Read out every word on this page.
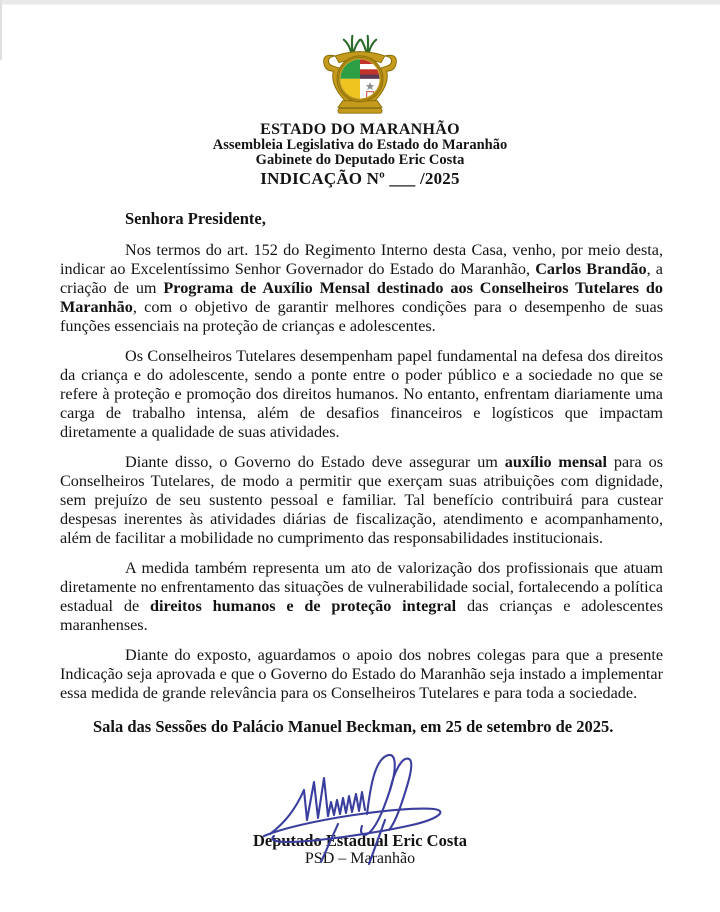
ESTADO DO MARANHÃO
Assembleia Legislativa do Estado do Maranhão
Gabinete do Deputado Eric Costa
INDICAÇÃO Nº ___ /2025
Senhora Presidente,

Nos termos do art. 152 do Regimento Interno desta Casa, venho, por meio desta, indicar ao Excelentíssimo Senhor Governador do Estado do Maranhão, Carlos Brandão, a criação de um Programa de Auxílio Mensal destinado aos Conselheiros Tutelares do Maranhão, com o objetivo de garantir melhores condições para o desempenho de suas funções essenciais na proteção de crianças e adolescentes.

Os Conselheiros Tutelares desempenham papel fundamental na defesa dos direitos da criança e do adolescente, sendo a ponte entre o poder público e a sociedade no que se refere à proteção e promoção dos direitos humanos. No entanto, enfrentam diariamente uma carga de trabalho intensa, além de desafios financeiros e logísticos que impactam diretamente a qualidade de suas atividades.

Diante disso, o Governo do Estado deve assegurar um auxílio mensal para os Conselheiros Tutelares, de modo a permitir que exerçam suas atribuições com dignidade, sem prejuízo de seu sustento pessoal e familiar. Tal benefício contribuirá para custear despesas inerentes às atividades diárias de fiscalização, atendimento e acompanhamento, além de facilitar a mobilidade no cumprimento das responsabilidades institucionais.

A medida também representa um ato de valorização dos profissionais que atuam diretamente no enfrentamento das situações de vulnerabilidade social, fortalecendo a política estadual de direitos humanos e de proteção integral das crianças e adolescentes maranhenses.

Diante do exposto, aguardamos o apoio dos nobres colegas para que a presente Indicação seja aprovada e que o Governo do Estado do Maranhão seja instado a implementar essa medida de grande relevância para os Conselheiros Tutelares e para toda a sociedade.

Sala das Sessões do Palácio Manuel Beckman, em 25 de setembro de 2025.
Deputado Estadual Eric Costa
PSD – Maranhão
